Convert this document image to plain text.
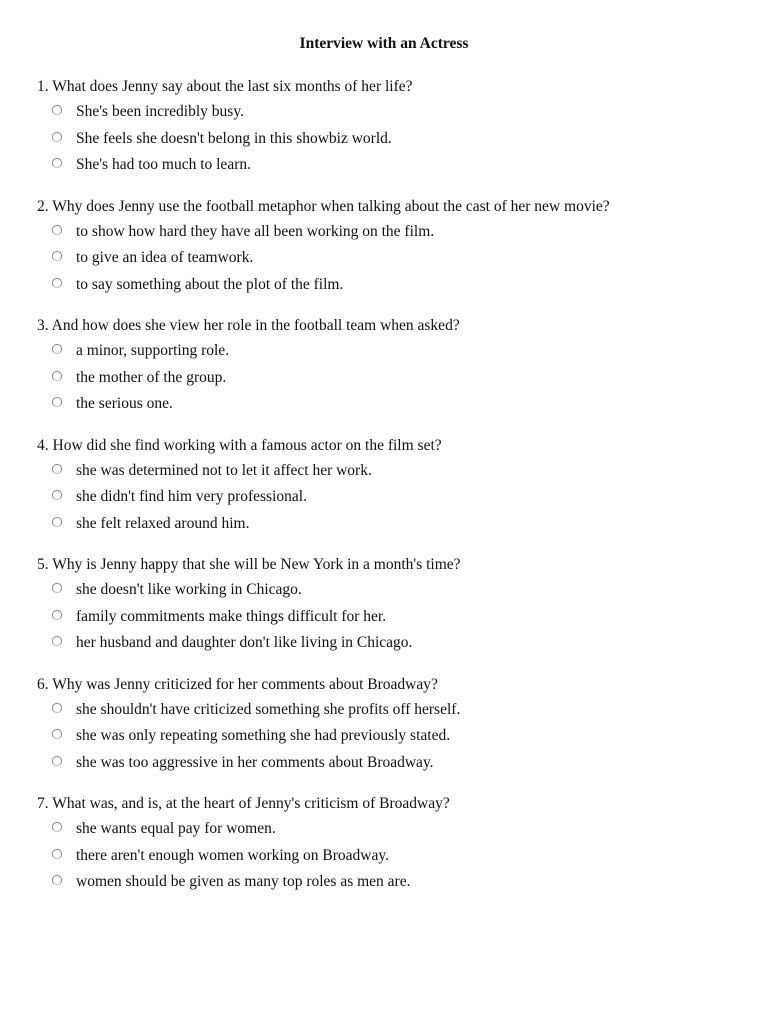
Interview with an Actress
1. What does Jenny say about the last six months of her life?
She's been incredibly busy.
She feels she doesn't belong in this showbiz world.
She's had too much to learn.
2. Why does Jenny use the football metaphor when talking about the cast of her new movie?
to show how hard they have all been working on the film.
to give an idea of teamwork.
to say something about the plot of the film.
3. And how does she view her role in the football team when asked?
a minor, supporting role.
the mother of the group.
the serious one.
4. How did she find working with a famous actor on the film set?
she was determined not to let it affect her work.
she didn't find him very professional.
she felt relaxed around him.
5. Why is Jenny happy that she will be New York in a month's time?
she doesn't like working in Chicago.
family commitments make things difficult for her.
her husband and daughter don't like living in Chicago.
6. Why was Jenny criticized for her comments about Broadway?
she shouldn't have criticized something she profits off herself.
she was only repeating something she had previously stated.
she was too aggressive in her comments about Broadway.
7. What was, and is, at the heart of Jenny's criticism of Broadway?
she wants equal pay for women.
there aren't enough women working on Broadway.
women should be given as many top roles as men are.
